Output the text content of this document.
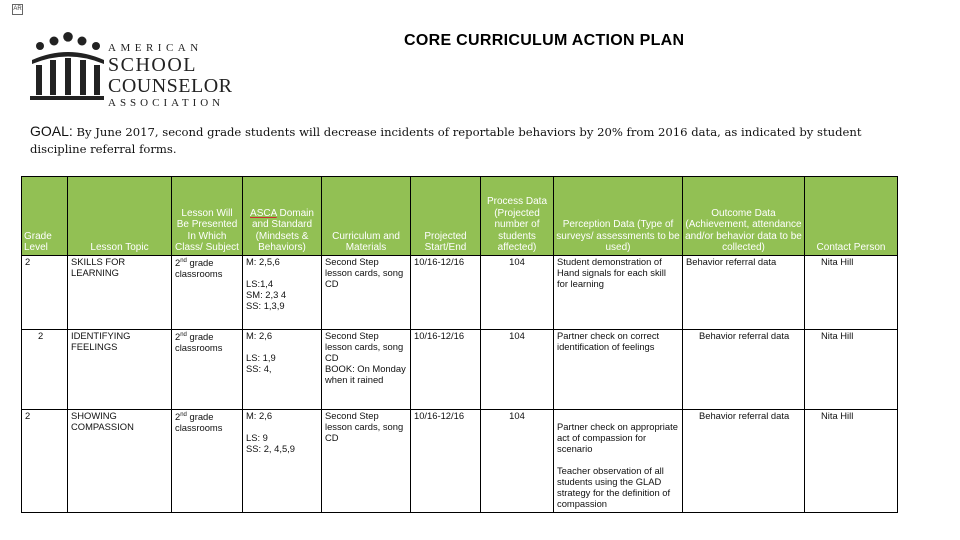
AR
AMERICAN
SCHOOL
COUNSELOR
ASSOCIATION
CORE CURRICULUM ACTION PLAN
GOAL: By June 2017, second grade students will decrease incidents of reportable behaviors by 20% from 2016 data, as indicated by student discipline referral forms.
Grade Level	Lesson Topic	Lesson Will Be Presented In Which Class/ Subject	ASCA Domain and Standard (Mindsets & Behaviors)	Curriculum and Materials	Projected Start/End	Process Data (Projected number of students affected)	Perception Data (Type of surveys/ assessments to be used)	Outcome Data (Achievement, attendance and/or behavior data to be collected)	Contact Person
2	SKILLS FOR LEARNING	2nd grade classrooms	M: 2,5,6
LS:1,4
SM: 2,3 4
SS: 1,3,9	Second Step lesson cards, song CD	10/16-12/16	104	Student demonstration of Hand signals for each skill for learning	Behavior referral data	Nita Hill
2	IDENTIFYING FEELINGS	2nd grade classrooms	M: 2,6
LS: 1,9
SS: 4,	Second Step lesson cards, song CD
BOOK: On Monday when it rained	10/16-12/16	104	Partner check on correct identification of feelings	Behavior referral data	Nita Hill
2	SHOWING COMPASSION	2nd grade classrooms	M: 2,6
LS: 9
SS: 2, 4,5,9	Second Step lesson cards, song CD	10/16-12/16	104	Partner check on appropriate act of compassion for scenario
Teacher observation of all students using the GLAD strategy for the definition of compassion	Behavior referral data	Nita Hill
